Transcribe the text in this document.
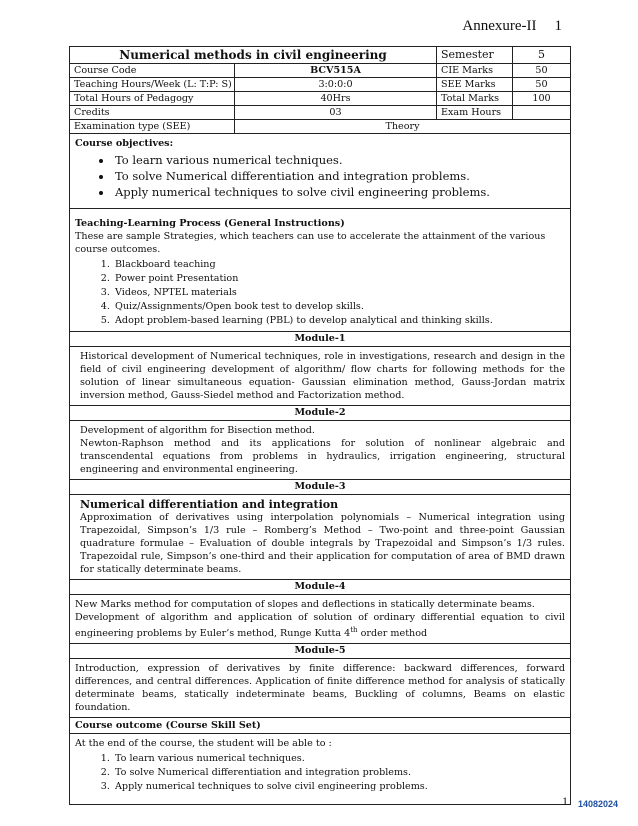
Annexure-II 1
Numerical methods in civil engineering	Semester	5
Course Code	BCV515A	CIE Marks	50
Teaching Hours/Week (L: T:P: S)	3:0:0:0	SEE Marks	50
Total Hours of Pedagogy	40Hrs	Total Marks	100
Credits	03	Exam Hours
Examination type (SEE)	Theory
Course objectives:
• To learn various numerical techniques.
• To solve Numerical differentiation and integration problems.
• Apply numerical techniques to solve civil engineering problems.
Teaching-Learning Process (General Instructions)
These are sample Strategies, which teachers can use to accelerate the attainment of the various course outcomes.
1. Blackboard teaching
2. Power point Presentation
3. Videos, NPTEL materials
4. Quiz/Assignments/Open book test to develop skills.
5. Adopt problem-based learning (PBL) to develop analytical and thinking skills.
Module-1
Historical development of Numerical techniques, role in investigations, research and design in the field of civil engineering development of algorithm/ flow charts for following methods for the solution of linear simultaneous equation- Gaussian elimination method, Gauss-Jordan matrix inversion method, Gauss-Siedel method and Factorization method.
Module-2
Development of algorithm for Bisection method.
Newton-Raphson method and its applications for solution of nonlinear algebraic and transcendental equations from problems in hydraulics, irrigation engineering, structural engineering and environmental engineering.
Module-3
Numerical differentiation and integration
Approximation of derivatives using interpolation polynomials – Numerical integration using Trapezoidal, Simpson’s 1/3 rule – Romberg’s Method – Two-point and three-point Gaussian quadrature formulae – Evaluation of double integrals by Trapezoidal and Simpson’s 1/3 rules. Trapezoidal rule, Simpson’s one-third and their application for computation of area of BMD drawn for statically determinate beams.
Module-4
New Marks method for computation of slopes and deflections in statically determinate beams.
Development of algorithm and application of solution of ordinary differential equation to civil engineering problems by Euler’s method, Runge Kutta 4th order method
Module-5
Introduction, expression of derivatives by finite difference: backward differences, forward differences, and central differences. Application of finite difference method for analysis of statically determinate beams, statically indeterminate beams, Buckling of columns, Beams on elastic foundation.
Course outcome (Course Skill Set)
At the end of the course, the student will be able to :
1. To learn various numerical techniques.
2. To solve Numerical differentiation and integration problems.
3. Apply numerical techniques to solve civil engineering problems.
1 14082024
